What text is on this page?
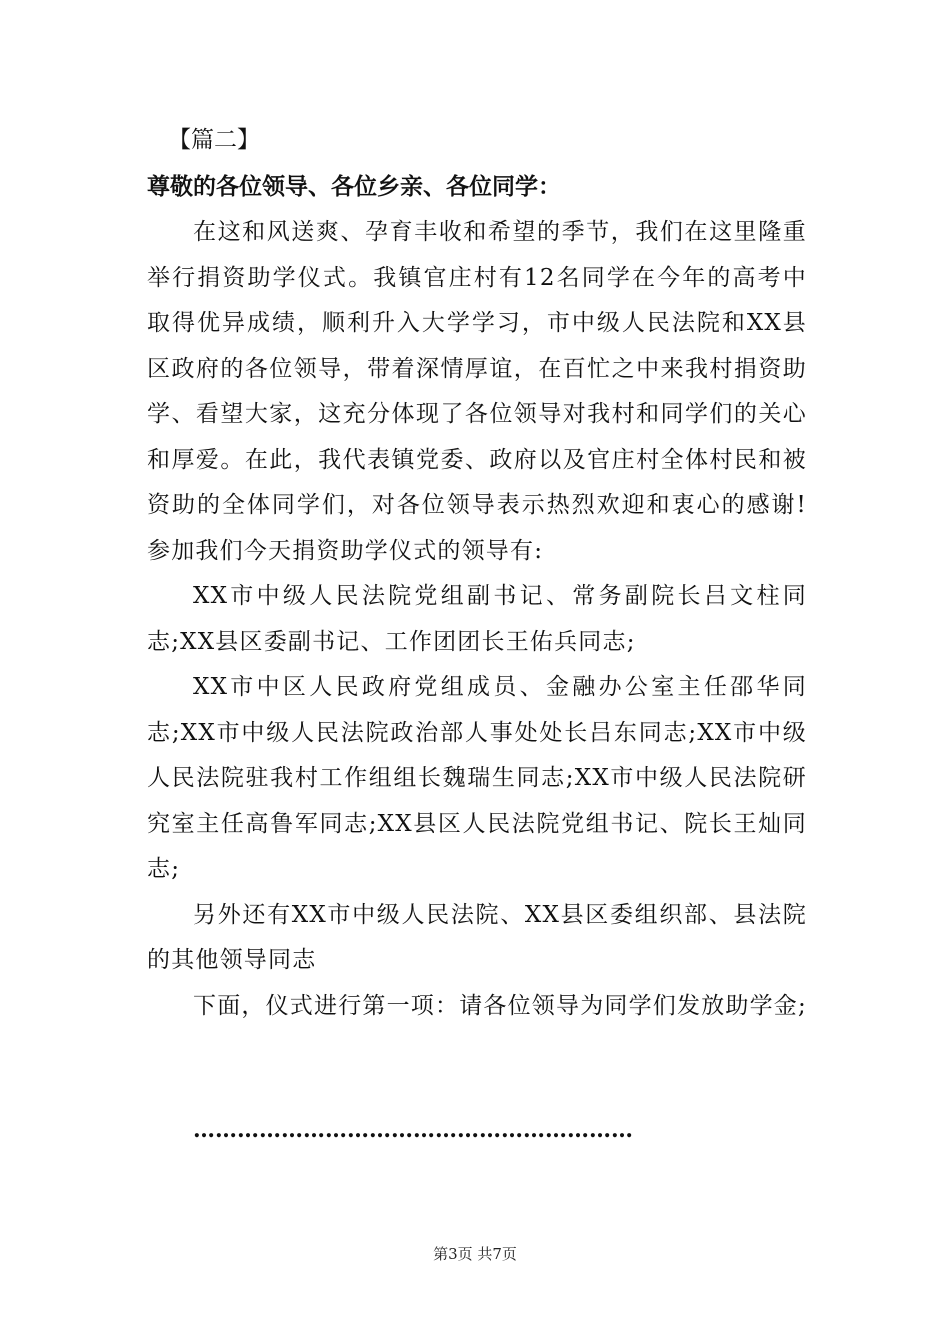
【篇二】
尊敬的各位领导、各位乡亲、各位同学：

在这和风送爽、孕育丰收和希望的季节，我们在这里隆重举行捐资助学仪式。我镇官庄村有12名同学在今年的高考中取得优异成绩，顺利升入大学学习，市中级人民法院和XX县区政府的各位领导，带着深情厚谊，在百忙之中来我村捐资助学、看望大家，这充分体现了各位领导对我村和同学们的关心和厚爱。在此，我代表镇党委、政府以及官庄村全体村民和被资助的全体同学们，对各位领导表示热烈欢迎和衷心的感谢!参加我们今天捐资助学仪式的领导有:

XX市中级人民法院党组副书记、常务副院长吕文柱同志;XX县区委副书记、工作团团长王佑兵同志;

XX市中区人民政府党组成员、金融办公室主任邵华同志;XX市中级人民法院政治部人事处处长吕东同志;XX市中级人民法院驻我村工作组组长魏瑞生同志;XX市中级人民法院研究室主任高鲁军同志;XX县区人民法院党组书记、院长王灿同志;

另外还有XX市中级人民法院、XX县区委组织部、县法院的其他领导同志

下面，仪式进行第一项：请各位领导为同学们发放助学金;

……………………………………………………
第3页 共7页
